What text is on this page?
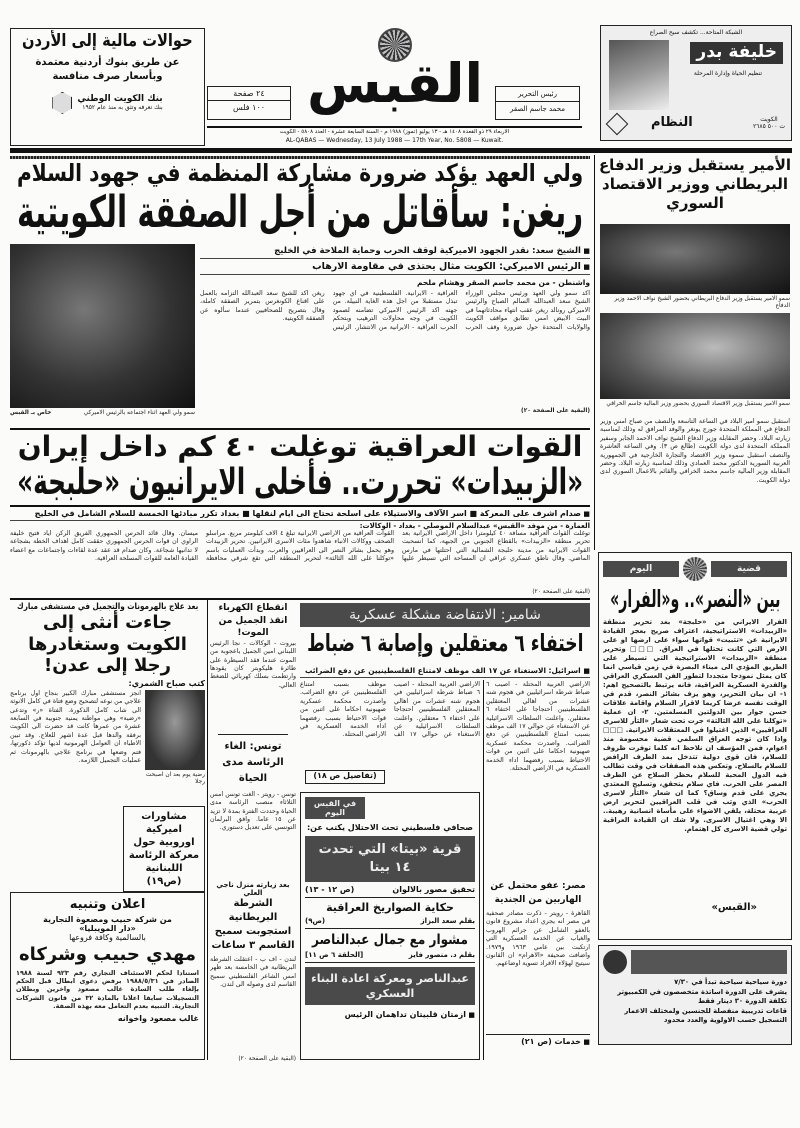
حوالات مالية إلى الأردن
عن طريق بنوك أردنية معتمدة
وبأسعار صرف منافسة
بنك الكويت الوطني
بنك تعرفه وتثق به منذ عام ١٩٥٢
٢٤ صفحة
١٠٠ فلس القبس	رئيس التحرير
محمد جاسم الصقر
الاربعاء ٢٩ ذو القعدة ١٤٠٨ هـ - ١٣ يوليو (تموز) ١٩٨٨ م - السنة السابعة عشرة - العدد ٥٨٠٨ - الكويت
AL-QABAS — Wednesday, 13 July 1988 — 17th Year, No. 5808 — Kuwait.
الشبكة المتاحة... تكشف سيح الصراع
خليفة بدر
تنظيم الحياة وإدارة المرحلة
النظام	الكويت
ت ٥٠٠ ٢٦٨٥
ولي العهد يؤكد ضرورة مشاركة المنظمة في جهود السلام
ريغن: سأقاتل من أجل الصفقة الكويتية
سمو ولي العهد اثناء اجتماعه بالرئيس الاميركي
خاص بـ القبس
■ الشيخ سعد: نقدر الجهود الاميركية لوقف الحرب وحماية الملاحة في الخليج
■ الرئيس الاميركي: الكويت مثال يحتذى في مقاومة الارهاب
واشنطن - من محمد جاسم الصقر وهشام ملحم
اكد سمو ولي العهد ورئيس مجلس الوزراء الشيخ سعد العبدالله السالم الصباح والرئيس الاميركي رونالد ريغن عقب انتهاء محادثاتهما في البيت الابيض امس تطابق مواقف الكويت والولايات المتحدة حول ضرورة وقف الحرب العراقية - الايرانية. الفلسطينية في اي جهود تبذل مستقبلا من اجل هذه الغاية النبيلة. من جهته اكد الرئيس الاميركي تضامنه لصمود الكويت في وجه محاولات الترهيب وبتحكم الحرب العراقية - الايرانية من الانتشار. الرئيس ريغن اكد للشيخ سعد العبدالله التزامه بالعمل على اقناع الكونغرس بتمرير الصفقة كاملة، وقال بتصريح للصحافيين عندما سألوه عن الصفقة الكويتية.
(البقية على الصفحة ٢٠)
الأمير يستقبل وزير الدفاع البريطاني ووزير الاقتصاد السوري
سمو الامير يستقبل وزير الدفاع البريطاني بحضور الشيخ نواف الاحمد وزير الدفاع
سمو الامير يستقبل وزير الاقتصاد السوري بحضور وزير المالية جاسم الخرافي
استقبل سمو امير البلاد في الساعة التاسعة والنصف من صباح امس وزير الدفاع في المملكة المتحدة جورج يونغر والوفد المرافق له وذلك لمناسبة زيارته البلاد. وحضر المقابلة وزير الدفاع الشيخ نواف الاحمد الجابر وسفير المملكة المتحدة لدى دولة الكويت (طالع ص ٣). وفي الساعة العاشرة والنصف استقبل سموه وزير الاقتصاد والتجارة الخارجية في الجمهورية العربية السورية الدكتور محمد العمادي وذلك لمناسبة زيارته البلاد. وحضر المقابلة وزير المالية جاسم محمد الخرافي والقائم بالاعمال السوري لدى دولة الكويت.
القوات العراقية توغلت ٤٠ كم داخل إيران
«الزبيدات» تحررت.. فأخلى الايرانيون «حلبجة»
■ صدام اشرف على المعركة ■ اسر الآلاف والاستيلاء على اسلحة تحتاج الى ايام لنقلها ■ بغداد تكرر مبادئها الخمسة للسلام الشامل في الخليج
العمارة - من موفد «القبس» عبدالسلام الموصلي - بغداد - الوكالات:
توغلت القوات العراقية مسافة ٤٠ كيلومترا داخل الاراضي الايرانية بعد تحرير منطقة «الزبيدات» بالقطاع الجنوبي من الجبهة، كما انسحبت القوات الايرانية من مدينة حلبجة الشمالية التي احتلتها في مارس الماضي. وقال ناطق عسكري عراقي ان المساحة التي تسيطر عليها القوات العراقية من الاراضي الايرانية تبلغ ٤ آلاف كيلومتر مربع. مراسلو الصحف ووكالات الانباء شاهدوا مئات الاسرى الايرانيين. تحرير الزبيدات وهو يحمل بشائر النصر الى العراقيين والعرب. وبدأت العمليات باسم «توكلنا على الله الثالثة» لتحرير المنطقة التي تقع شرقي محافظة ميسان. وقال قائد الحرس الجمهوري الفريق الركن اياد فتيح خليفة الراوي ان قوات الحرس الجمهوري حققت كامل اهداف الخطة بشجاعة لا تدانيها شجاعة. وكان صدام قد عقد عدة لقاءات واجتماعات مع اعضاء القيادة العامة للقوات المسلحة العراقية.
(البقية على الصفحة ٢٠)
قضية
اليوم
بين «النصر».. و«الفرار»
الفرار الايراني من «حلبجة» بعد تحرير منطقة «الزبيدات» الاستراتيجية، اعتراف صريح بعجز القيادة الايرانية عن «تثبيت» قواتها سواء على ارضها او على الارض التي كانت تحتلها في العراق. □□□ وتحرير منطقة «الزبيدات» الاستراتيجية التي تسيطر على الطريق المؤدي الى ميناء البصرة في زمن قياسي انما كان يمثل نموذجا متجددا لتطور الفن العسكري العراقي والقدرة العسكرية العراقية، فانه يرتبط بالتصحيح اهم: ١- ان بيان التحرير، وهو يزف بشائر النصر، قدم في الوقت نفسه عرضا كريما لاقرار السلام واقامة علاقات حسن جوار بين الدولتين المسلمتين. ٢- ان عملية «توكلنا على الله الثالثة» جرت تحت شعار «الثأر للاسرى العراقيين» الذين اغتيلوا في المعتقلات الايرانية. □□□ واذا كان توجه العراق السلمي قضية محسومة منذ اعوام، فمن المؤسف ان نلاحظ انه كلما توفرت ظروف للسلام، فان قوى دولية تتدخل بمد الطرف الرافض للسلام بالسلاح. وتعكس هذه الصفقات في وقت تطالب فيه الدول المحبة للسلام بحظر السلاح عن الطرف المصر على الحرب. فاي سلام يتحقق، وتسليح المعتدي يجري على قدم وساق؟ كما ان شعار «الثأر لاسرى الحرب» الذي وثب في قلب العراقيين لتحرير ارض عربية محتلة، يلقي الاضواء على مأساة انسانية رهيبة.. الا وهي اغتيال الاسرى. ولا شك ان القيادة العراقية تولي قضية الاسرى كل اهتمام.
«القبس»
دورة سياحية سياحية تبدأ في ٧/٣٠
يشرف على الدورة اساتذة متخصصون في الكمبيوتر
تكلفة الدورة ٣٠ دينار فقط
قاعات تدريبية منفصلة للجنسين ولمختلف الاعمار
التسجيل حسب الاولوية والعدد محدود
بعد علاج بالهرمونات والتجميل في مستشفى مبارك
جاءت أنثى إلى الكويت وستغادرها رجلا إلى عدن!
كتب صباح الشمري:
رضية يوم بعد ان اصبحت رجلا
انجز مستشفى مبارك الكبير بنجاح اول برنامج علاجي من نوعه لتصحيح وضع فتاة في كامل الانوثة الى شاب كامل الذكورة. الفتاة «ر» وتدعى «رضية» وهي مواطنة يمنية جنوبية في السابعة عشرة من عمرها كانت قد حضرت الى الكويت برفقة والدها قبل عدة اشهر للعلاج. وقد تبين الاطباء ان العوامل الهرمونية لديها تؤكد ذكورتها، فتم وضعها في برنامج علاجي بالهرمونات ثم عمليات التجميل اللازمة.
مشاورات اميركية اوروبية حول معركة الرئاسة اللبنانية (ص١٩)
اعلان وتنبيه
من شركة حبيب ومصعوة التجارية
«دار المويبليا»
بالسالمية وكافة فروعها
مهدي حبيب وشركاه
استنادا لحكم الاستئناف التجاري رقم ٩٢٣ لسنة ١٩٨٨ الصادر في ١٩٨٨/٥/٣١ برفض دعوى ابطال قبل الحكم بإلغاء طلب السادة غالب مصعود واخرين وبطلان التسجيلات سابقا اعلانا بالمادة ٣٢ من قانون الشركات التجارية. التنبيه بعدم التعامل معه بهذه الصفة.
غالب مصعود واخوانه
انقطاع الكهرباء انقذ الجميل من الموت!
بيروت - الوكالات - نجا الرئيس اللبناني امين الجميل باعجوبة من الموت عندما فقد السيطرة على طائرة هليكوبتر كان يقودها وارتطمت بسلك كهربائي للضغط العالي.
تونس: الغاء الرئاسة مدى الحياة
تونس - رويتر - الغت تونس امس الثلاثاء منصب الرئاسة مدى الحياة وحددت الفترة بمدة لا تزيد عن ١٥ عاما. وافق البرلمان التونسي على تعديل دستوري.
بعد زيارته منزل ناجي العلي
الشرطة البريطانية استجوبت سميح القاسم ٣ ساعات
لندن - اف ب - اعتقلت الشرطة البريطانية في الخامسة بعد ظهر امس الشاعر الفلسطيني سميح القاسم لدى وصوله الى لندن.
(البقية على الصفحة ٢٠)
شامير: الانتفاضة مشكلة عسكرية
اختفاء ٦ معتقلين وإصابة ٦ ضباط
■ اسرائيل: الاستغناء عن ١٧ الف موظف لامتناع الفلسطينيين عن دفع الضرائب
الاراضي العربية المحتلة - اصيب ٦ ضباط شرطة اسرائيليين في هجوم شنه عشرات من اهالي المعتقلين الفلسطينيين احتجاجا على اختفاء ٦ معتقلين. واعلنت السلطات الاسرائيلية عن الاستغناء عن حوالي ١٧ الف موظف بسبب امتناع الفلسطينيين عن دفع الضرائب. واصدرت محكمة عسكرية صهيونية احكاما على اثنين من قوات الاحتياط بسبب رفضهما اداء الخدمة العسكرية في الاراضي المحتلة.
(تفاصيل ص ١٨)
في القبس اليوم
صحافي فلسطيني تحت الاحتلال يكتب عن:
قرية «بيتا» التي تحدت ١٤ بيتا
تحقيق مصور بالالوان
(ص ١٢ - ١٣)
حكاية الصواريخ العراقية
بقلم سعد البزاز
(ص٩)
مشوار مع جمال عبدالناصر
بقلم د. منصور فايز
[الحلقة ٦ ص ١١]
عبدالناصر ومعركة اعادة البناء العسكري
■ ازمتان قلبيتان تداهمان الرئيس
الاراضي العربية المحتلة - اصيب ٦ ضباط شرطة اسرائيليين في هجوم شنه عشرات من اهالي المعتقلين الفلسطينيين احتجاجا على اختفاء ٦ معتقلين. واعلنت السلطات الاسرائيلية عن الاستغناء عن حوالي ١٧ الف موظف بسبب امتناع الفلسطينيين عن دفع الضرائب. واصدرت محكمة عسكرية صهيونية احكاما على اثنين من قوات الاحتياط بسبب رفضهما اداء الخدمة العسكرية في الاراضي المحتلة.
مصر: عفو محتمل عن الهاربين من الجندية
القاهرة - رويتر - ذكرت مصادر صحفية في مصر انه يجري اعداد مشروع قانون بالعفو الشامل عن جرائم الهروب والغياب عن الخدمة العسكرية التي ارتكبت بين عامي ١٩٦٣ و١٩٧٩. واضافت صحيفة «الاهرام» ان القانون سيتيح لهؤلاء الافراد تسوية اوضاعهم.
■ خدمات (ص ٢١)
